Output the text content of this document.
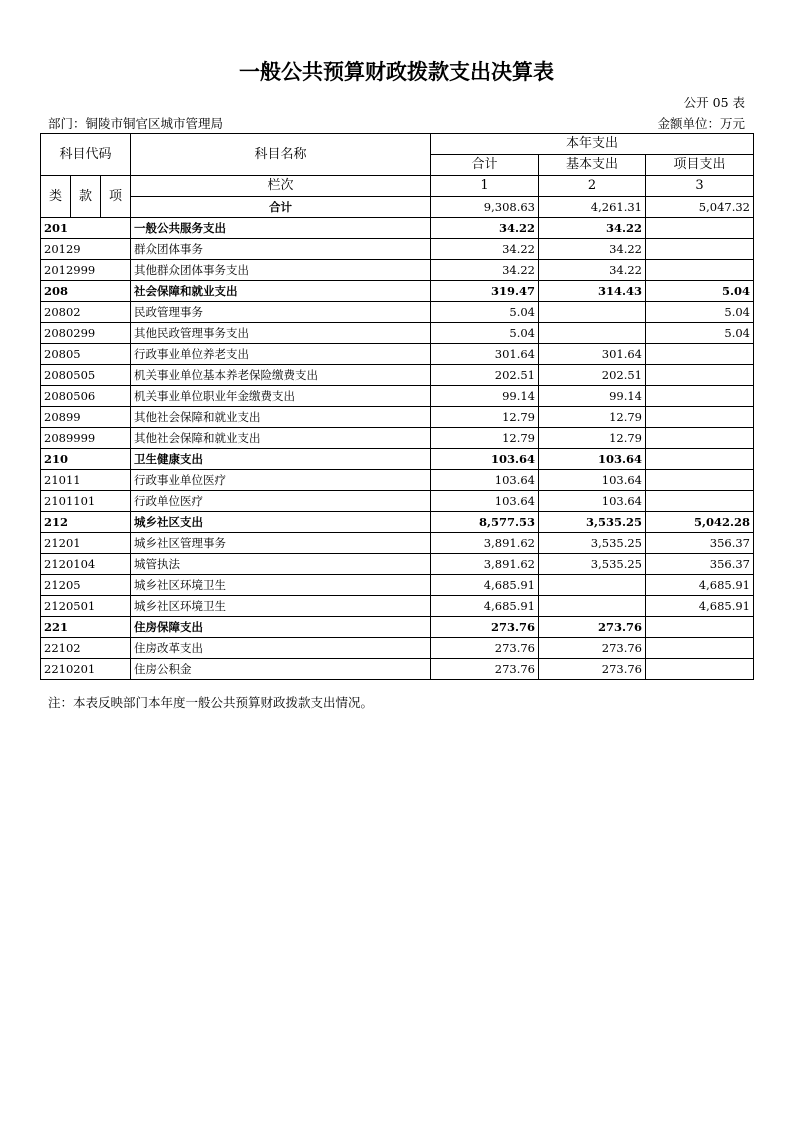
一般公共预算财政拨款支出决算表
公开 05 表
部门：铜陵市铜官区城市管理局	金额单位：万元
科目代码			科目名称	本年支出		
				合计	基本支出	项目支出
类	款	项	栏次	1	2	3
			合计	9,308.63	4,261.31	5,047.32
201			一般公共服务支出	34.22	34.22	
20129			群众团体事务	34.22	34.22	
2012999			其他群众团体事务支出	34.22	34.22	
208			社会保障和就业支出	319.47	314.43	5.04
20802			民政管理事务	5.04		5.04
2080299			其他民政管理事务支出	5.04		5.04
20805			行政事业单位养老支出	301.64	301.64	
2080505			机关事业单位基本养老保险缴费支出	202.51	202.51	
2080506			机关事业单位职业年金缴费支出	99.14	99.14	
20899			其他社会保障和就业支出	12.79	12.79	
2089999			其他社会保障和就业支出	12.79	12.79	
210			卫生健康支出	103.64	103.64	
21011			行政事业单位医疗	103.64	103.64	
2101101			行政单位医疗	103.64	103.64	
212			城乡社区支出	8,577.53	3,535.25	5,042.28
21201			城乡社区管理事务	3,891.62	3,535.25	356.37
2120104			城管执法	3,891.62	3,535.25	356.37
21205			城乡社区环境卫生	4,685.91		4,685.91
2120501			城乡社区环境卫生	4,685.91		4,685.91
221			住房保障支出	273.76	273.76	
22102			住房改革支出	273.76	273.76	
2210201			住房公积金	273.76	273.76	
注：本表反映部门本年度一般公共预算财政拨款支出情况。
